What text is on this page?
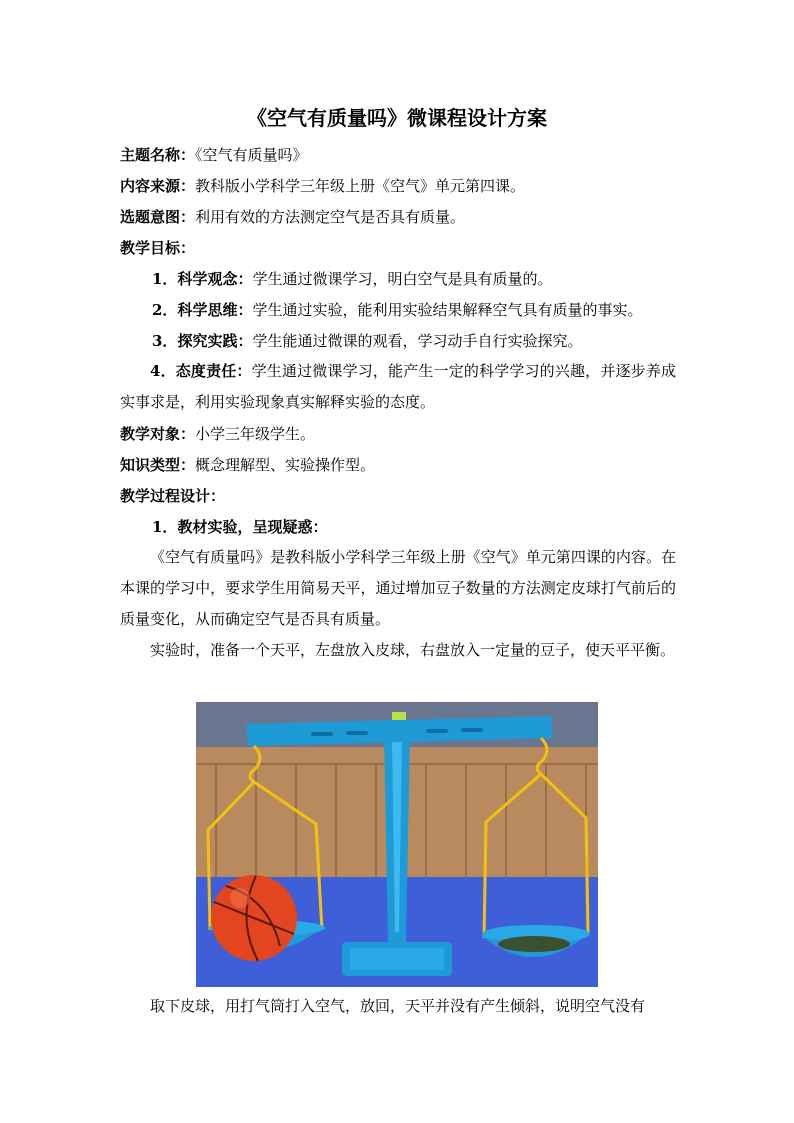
《空气有质量吗》微课程设计方案
主题名称：《空气有质量吗》
内容来源：教科版小学科学三年级上册《空气》单元第四课。
选题意图：利用有效的方法测定空气是否具有质量。
教学目标：
1．科学观念：学生通过微课学习，明白空气是具有质量的。
2．科学思维：学生通过实验，能利用实验结果解释空气具有质量的事实。
3．探究实践：学生能通过微课的观看，学习动手自行实验探究。
4．态度责任：学生通过微课学习，能产生一定的科学学习的兴趣，并逐步养成实事求是，利用实验现象真实解释实验的态度。
教学对象：小学三年级学生。
知识类型：概念理解型、实验操作型。
教学过程设计：
1．教材实验，呈现疑惑：
《空气有质量吗》是教科版小学科学三年级上册《空气》单元第四课的内容。在本课的学习中，要求学生用简易天平，通过增加豆子数量的方法测定皮球打气前后的质量变化，从而确定空气是否具有质量。
实验时，准备一个天平，左盘放入皮球，右盘放入一定量的豆子，使天平平衡。
取下皮球，用打气筒打入空气，放回，天平并没有产生倾斜，说明空气没有
